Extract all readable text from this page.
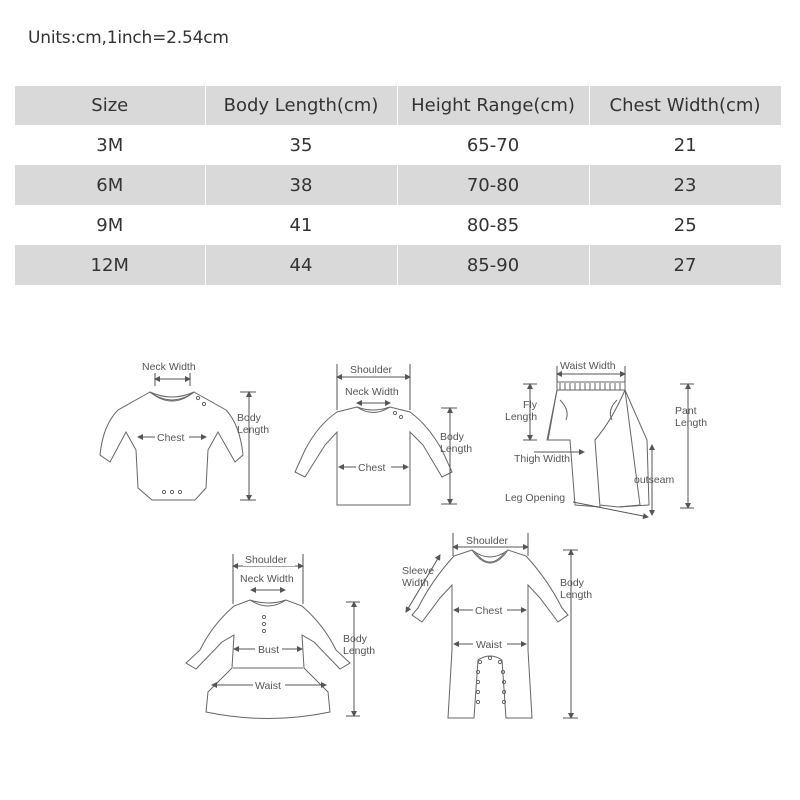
Units:cm,1inch=2.54cm
Size	Body Length(cm)	Height Range(cm)	Chest Width(cm)
3M	35	65-70	21
6M	38	70-80	23
9M	41	80-85	25
12M	44	85-90	27
Neck Width
Chest
Body
Length
Shoulder
Neck Width
Chest
Body
Length
Waist Width
Fly
Length	Pant
Length
Thigh Width
outseam
Leg Opening
Shoulder
Neck Width
Bust
Waist
Body
Length
Shoulder
Sleeve
Width
Chest
Waist
Body
Length
